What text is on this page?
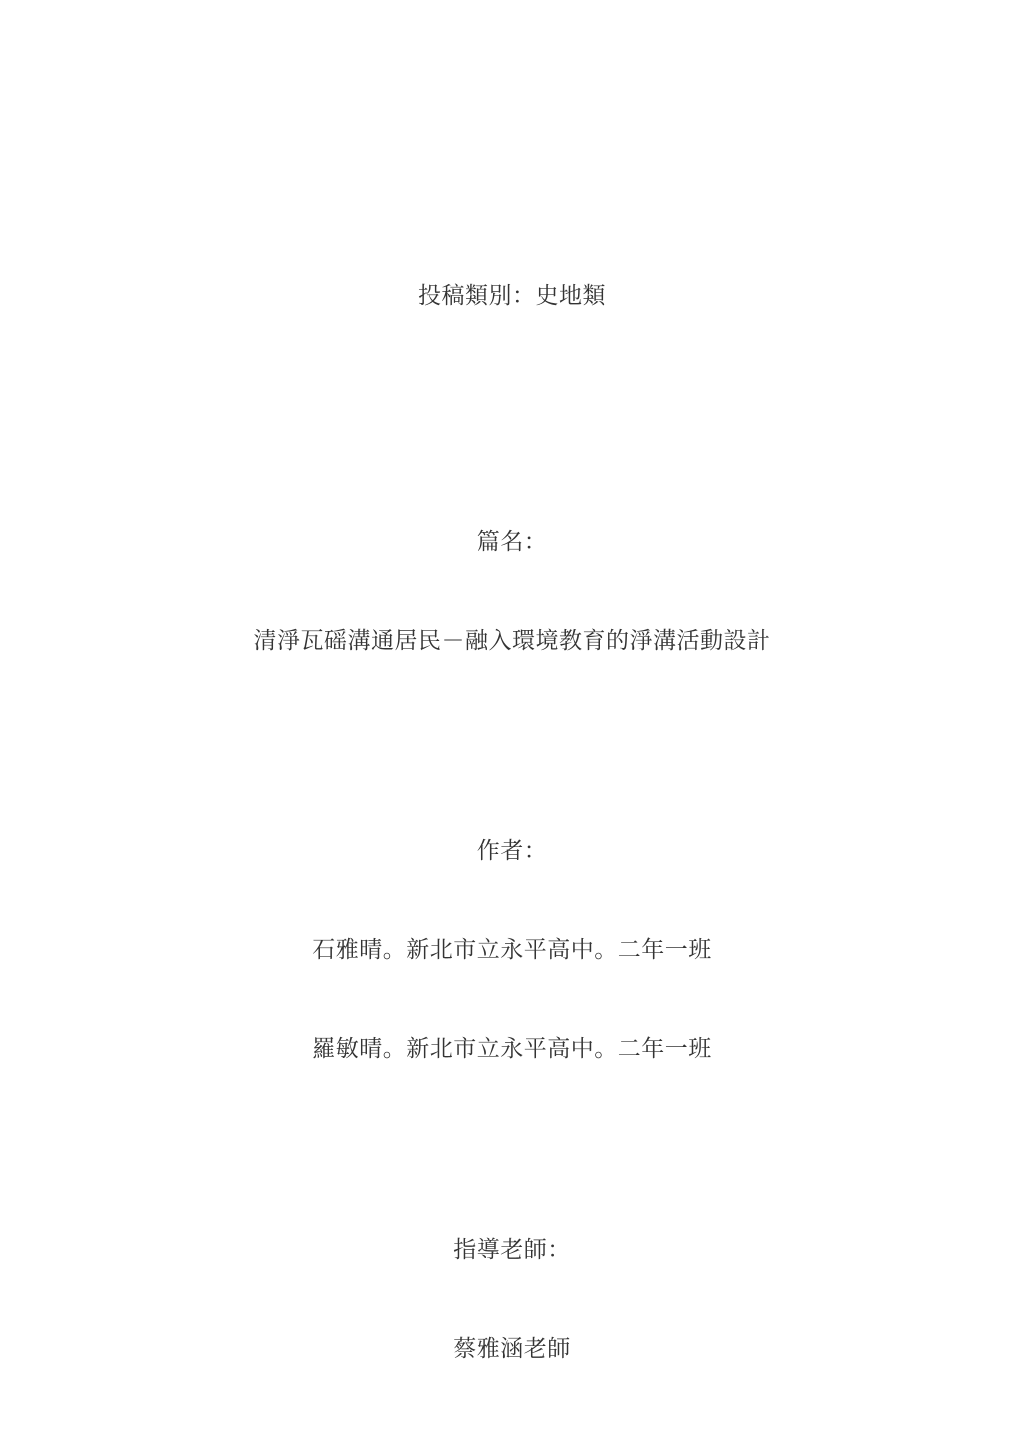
投稿類別：史地類

篇名：

清淨瓦磘溝通居民－融入環境教育的淨溝活動設計

作者：

石雅晴。新北市立永平高中。二年一班

羅敏晴。新北市立永平高中。二年一班

指導老師：

蔡雅涵老師
